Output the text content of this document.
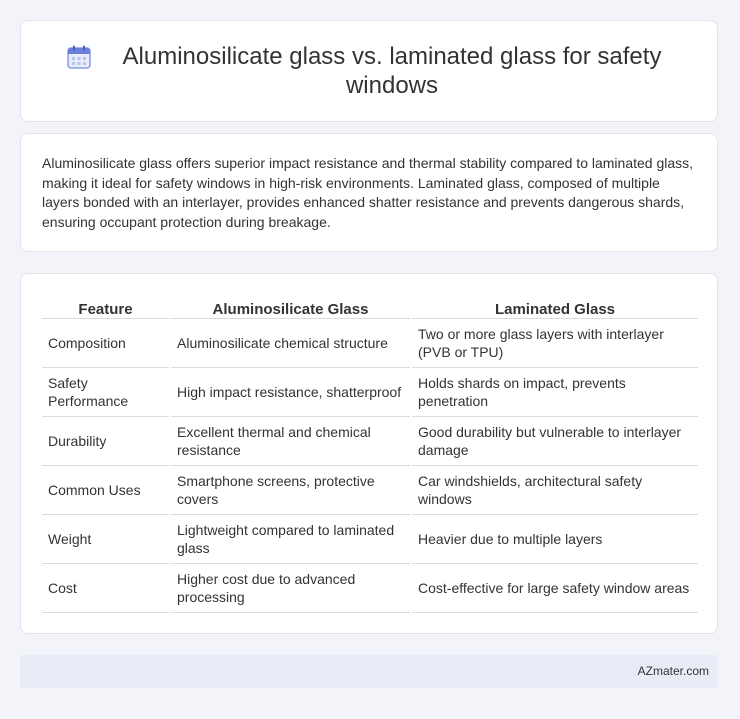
Aluminosilicate glass vs. laminated glass for safety windows

Aluminosilicate glass offers superior impact resistance and thermal stability compared to laminated glass, making it ideal for safety windows in high-risk environments. Laminated glass, composed of multiple layers bonded with an interlayer, provides enhanced shatter resistance and prevents dangerous shards, ensuring occupant protection during breakage.

Feature	Aluminosilicate Glass	Laminated Glass
Composition	Aluminosilicate chemical structure	Two or more glass layers with interlayer (PVB or TPU)
Safety Performance	High impact resistance, shatterproof	Holds shards on impact, prevents penetration
Durability	Excellent thermal and chemical resistance	Good durability but vulnerable to interlayer damage
Common Uses	Smartphone screens, protective covers	Car windshields, architectural safety windows
Weight	Lightweight compared to laminated glass	Heavier due to multiple layers
Cost	Higher cost due to advanced processing	Cost-effective for large safety window areas
AZmater.com
